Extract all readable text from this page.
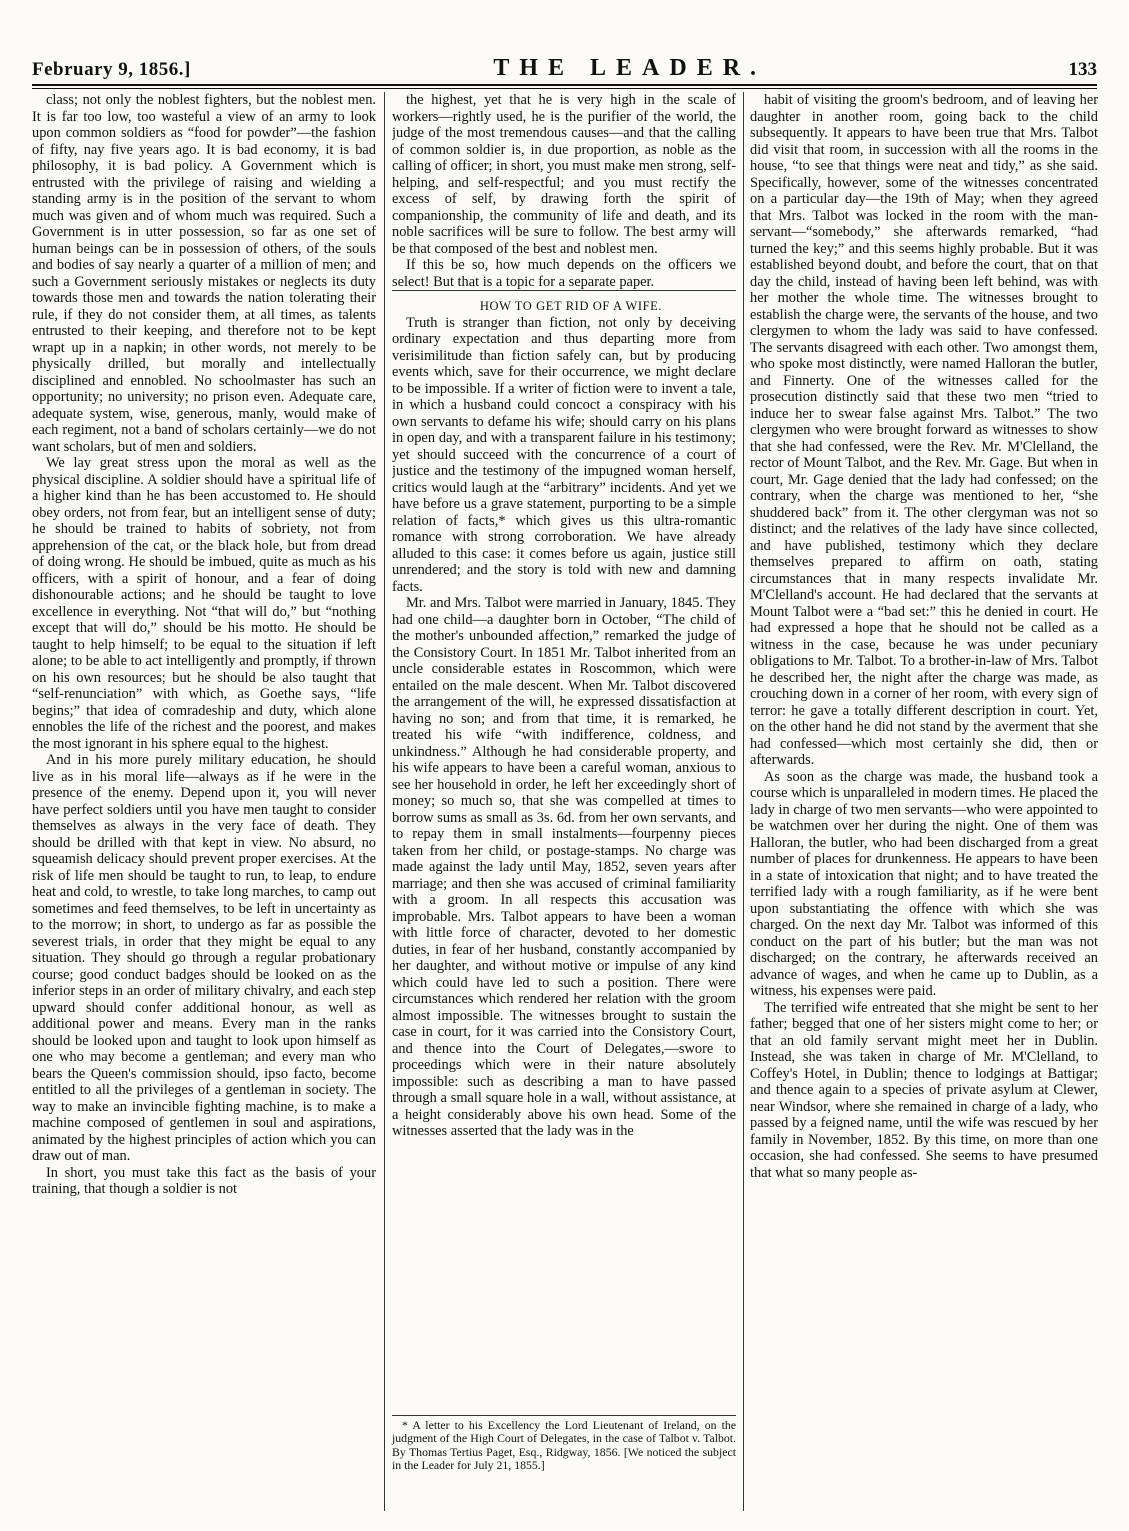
February 9, 1856.]	THE LEADER.	133

class; not only the noblest fighters, but the noblest men. It is far too low, too wasteful a view of an army to look upon common soldiers as “food for powder”—the fashion of fifty, nay five years ago. It is bad economy, it is bad philosophy, it is bad policy. A Government which is entrusted with the privilege of raising and wielding a standing army is in the position of the servant to whom much was given and of whom much was required. Such a Government is in utter possession, so far as one set of human beings can be in possession of others, of the souls and bodies of say nearly a quarter of a million of men; and such a Government seriously mistakes or neglects its duty towards those men and towards the nation tolerating their rule, if they do not consider them, at all times, as talents entrusted to their keeping, and therefore not to be kept wrapt up in a napkin; in other words, not merely to be physically drilled, but morally and intellectually disciplined and ennobled. No schoolmaster has such an opportunity; no university; no prison even. Adequate care, adequate system, wise, generous, manly, would make of each regiment, not a band of scholars certainly—we do not want scholars, but of men and soldiers.

We lay great stress upon the moral as well as the physical discipline. A soldier should have a spiritual life of a higher kind than he has been accustomed to. He should obey orders, not from fear, but an intelligent sense of duty; he should be trained to habits of sobriety, not from apprehension of the cat, or the black hole, but from dread of doing wrong. He should be imbued, quite as much as his officers, with a spirit of honour, and a fear of doing dishonourable actions; and he should be taught to love excellence in everything. Not “that will do,” but “nothing except that will do,” should be his motto. He should be taught to help himself; to be equal to the situation if left alone; to be able to act intelligently and promptly, if thrown on his own resources; but he should be also taught that “self-renunciation” with which, as Goethe says, “life begins;” that idea of comradeship and duty, which alone ennobles the life of the richest and the poorest, and makes the most ignorant in his sphere equal to the highest.

And in his more purely military education, he should live as in his moral life—always as if he were in the presence of the enemy. Depend upon it, you will never have perfect soldiers until you have men taught to consider themselves as always in the very face of death. They should be drilled with that kept in view. No absurd, no squeamish delicacy should prevent proper exercises. At the risk of life men should be taught to run, to leap, to endure heat and cold, to wrestle, to take long marches, to camp out sometimes and feed themselves, to be left in uncertainty as to the morrow; in short, to undergo as far as possible the severest trials, in order that they might be equal to any situation. They should go through a regular probationary course; good conduct badges should be looked on as the inferior steps in an order of military chivalry, and each step upward should confer additional honour, as well as additional power and means. Every man in the ranks should be looked upon and taught to look upon himself as one who may become a gentleman; and every man who bears the Queen's commission should, ipso facto, become entitled to all the privileges of a gentleman in society. The way to make an invincible fighting machine, is to make a machine composed of gentlemen in soul and aspirations, animated by the highest principles of action which you can draw out of man.

In short, you must take this fact as the basis of your training, that though a soldier is not

the highest, yet that he is very high in the scale of workers—rightly used, he is the purifier of the world, the judge of the most tremendous causes—and that the calling of common soldier is, in due proportion, as noble as the calling of officer; in short, you must make men strong, self-helping, and self-respectful; and you must rectify the excess of self, by drawing forth the spirit of companionship, the community of life and death, and its noble sacrifices will be sure to follow. The best army will be that composed of the best and noblest men.

If this be so, how much depends on the officers we select! But that is a topic for a separate paper.

HOW TO GET RID OF A WIFE.

Truth is stranger than fiction, not only by deceiving ordinary expectation and thus departing more from verisimilitude than fiction safely can, but by producing events which, save for their occurrence, we might declare to be impossible. If a writer of fiction were to invent a tale, in which a husband could concoct a conspiracy with his own servants to defame his wife; should carry on his plans in open day, and with a transparent failure in his testimony; yet should succeed with the concurrence of a court of justice and the testimony of the impugned woman herself, critics would laugh at the “arbitrary” incidents. And yet we have before us a grave statement, purporting to be a simple relation of facts,* which gives us this ultra-romantic romance with strong corroboration. We have already alluded to this case: it comes before us again, justice still unrendered; and the story is told with new and damning facts.

Mr. and Mrs. Talbot were married in January, 1845. They had one child—a daughter born in October, “The child of the mother's unbounded affection,” remarked the judge of the Consistory Court. In 1851 Mr. Talbot inherited from an uncle considerable estates in Roscommon, which were entailed on the male descent. When Mr. Talbot discovered the arrangement of the will, he expressed dissatisfaction at having no son; and from that time, it is remarked, he treated his wife “with indifference, coldness, and unkindness.” Although he had considerable property, and his wife appears to have been a careful woman, anxious to see her household in order, he left her exceedingly short of money; so much so, that she was compelled at times to borrow sums as small as 3s. 6d. from her own servants, and to repay them in small instalments—fourpenny pieces taken from her child, or postage-stamps. No charge was made against the lady until May, 1852, seven years after marriage; and then she was accused of criminal familiarity with a groom. In all respects this accusation was improbable. Mrs. Talbot appears to have been a woman with little force of character, devoted to her domestic duties, in fear of her husband, constantly accompanied by her daughter, and without motive or impulse of any kind which could have led to such a position. There were circumstances which rendered her relation with the groom almost impossible. The witnesses brought to sustain the case in court, for it was carried into the Consistory Court, and thence into the Court of Delegates,—swore to proceedings which were in their nature absolutely impossible: such as describing a man to have passed through a small square hole in a wall, without assistance, at a height considerably above his own head. Some of the witnesses asserted that the lady was in the

* A letter to his Excellency the Lord Lieutenant of Ireland, on the judgment of the High Court of Delegates, in the case of Talbot v. Talbot. By Thomas Tertius Paget, Esq., Ridgway, 1856. [We noticed the subject in the Leader for July 21, 1855.]

habit of visiting the groom's bedroom, and of leaving her daughter in another room, going back to the child subsequently. It appears to have been true that Mrs. Talbot did visit that room, in succession with all the rooms in the house, “to see that things were neat and tidy,” as she said. Specifically, however, some of the witnesses concentrated on a particular day—the 19th of May; when they agreed that Mrs. Talbot was locked in the room with the man-servant—“somebody,” she afterwards remarked, “had turned the key;” and this seems highly probable. But it was established beyond doubt, and before the court, that on that day the child, instead of having been left behind, was with her mother the whole time. The witnesses brought to establish the charge were, the servants of the house, and two clergymen to whom the lady was said to have confessed. The servants disagreed with each other. Two amongst them, who spoke most distinctly, were named Halloran the butler, and Finnerty. One of the witnesses called for the prosecution distinctly said that these two men “tried to induce her to swear false against Mrs. Talbot.” The two clergymen who were brought forward as witnesses to show that she had confessed, were the Rev. Mr. M'Clelland, the rector of Mount Talbot, and the Rev. Mr. Gage. But when in court, Mr. Gage denied that the lady had confessed; on the contrary, when the charge was mentioned to her, “she shuddered back” from it. The other clergyman was not so distinct; and the relatives of the lady have since collected, and have published, testimony which they declare themselves prepared to affirm on oath, stating circumstances that in many respects invalidate Mr. M'Clelland's account. He had declared that the servants at Mount Talbot were a “bad set:” this he denied in court. He had expressed a hope that he should not be called as a witness in the case, because he was under pecuniary obligations to Mr. Talbot. To a brother-in-law of Mrs. Talbot he described her, the night after the charge was made, as crouching down in a corner of her room, with every sign of terror: he gave a totally different description in court. Yet, on the other hand he did not stand by the averment that she had confessed—which most certainly she did, then or afterwards.

As soon as the charge was made, the husband took a course which is unparalleled in modern times. He placed the lady in charge of two men servants—who were appointed to be watchmen over her during the night. One of them was Halloran, the butler, who had been discharged from a great number of places for drunkenness. He appears to have been in a state of intoxication that night; and to have treated the terrified lady with a rough familiarity, as if he were bent upon substantiating the offence with which she was charged. On the next day Mr. Talbot was informed of this conduct on the part of his butler; but the man was not discharged; on the contrary, he afterwards received an advance of wages, and when he came up to Dublin, as a witness, his expenses were paid.

The terrified wife entreated that she might be sent to her father; begged that one of her sisters might come to her; or that an old family servant might meet her in Dublin. Instead, she was taken in charge of Mr. M'Clelland, to Coffey's Hotel, in Dublin; thence to lodgings at Battigar; and thence again to a species of private asylum at Clewer, near Windsor, where she remained in charge of a lady, who passed by a feigned name, until the wife was rescued by her family in November, 1852. By this time, on more than one occasion, she had confessed. She seems to have presumed that what so many people as-
